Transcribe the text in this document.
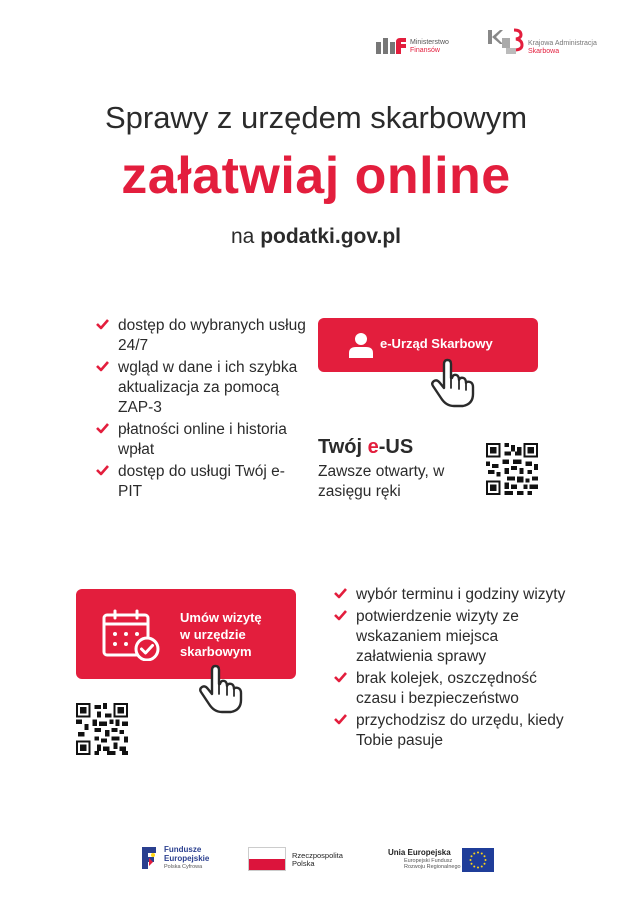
Ministerstwo
Finansów
Krajowa Administracja
Skarbowa
Sprawy z urzędem skarbowym
załatwiaj online
na podatki.gov.pl
dostęp do wybranych usług 24/7
wgląd w dane i ich szybka aktualizacja za pomocą ZAP-3
płatności online i historia wpłat
dostęp do usługi Twój e-PIT
e-Urząd Skarbowy
Twój e-US
Zawsze otwarty, w zasięgu ręki
Umów wizytę
w urzędzie
skarbowym
wybór terminu i godziny wizyty
potwierdzenie wizyty ze wskazaniem miejsca załatwienia sprawy
brak kolejek, oszczędność czasu i bezpieczeństwo
przychodzisz do urzędu, kiedy Tobie pasuje
Fundusze
Europejskie
Polska Cyfrowa
Rzeczpospolita
Polska
Unia Europejska
Europejski Fundusz
Rozwoju Regionalnego
